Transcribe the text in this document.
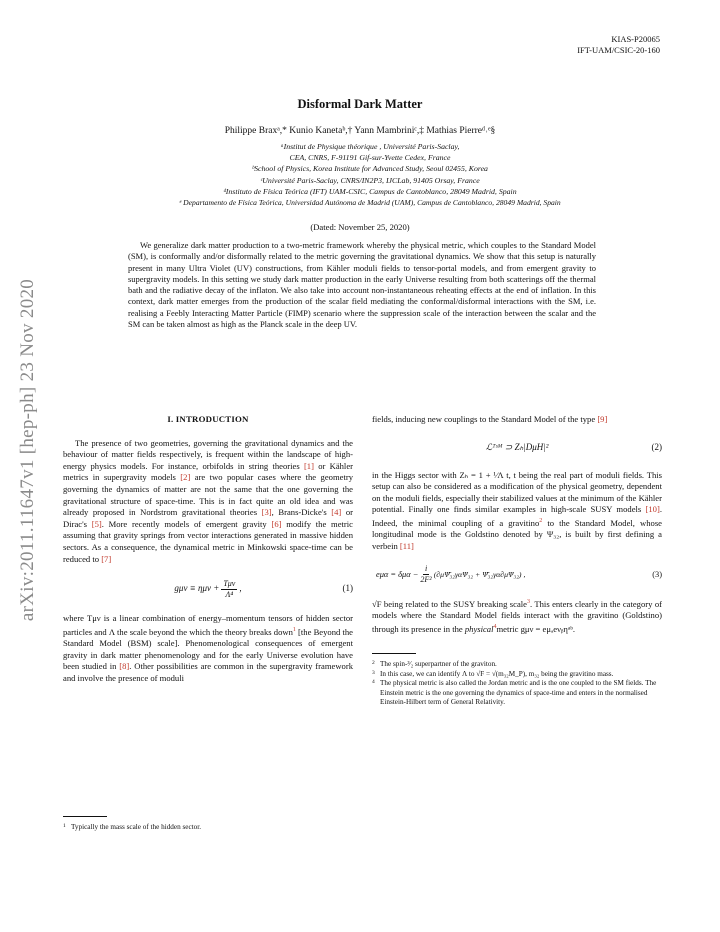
arXiv:2011.11647v1 [hep-ph] 23 Nov 2020
KIAS-P20065
IFT-UAM/CSIC-20-160
Disformal Dark Matter
Philippe Braxᵃ,* Kunio Kanetaᵇ,† Yann Mambriniᶜ,‡ Mathias Pierreᵈ˒ᵉ§
ᵃInstitut de Physique théorique , Université Paris-Saclay,
CEA, CNRS, F-91191 Gif-sur-Yvette Cedex, France
ᵇSchool of Physics, Korea Institute for Advanced Study, Seoul 02455, Korea
ᶜUniversité Paris-Saclay, CNRS/IN2P3, IJCLab, 91405 Orsay, France
ᵈInstituto de Física Teórica (IFT) UAM-CSIC, Campus de Cantoblanco, 28049 Madrid, Spain
ᵉ Departamento de Física Teórica, Universidad Autónoma de Madrid (UAM), Campus de Cantoblanco, 28049 Madrid, Spain
(Dated: November 25, 2020)
We generalize dark matter production to a two-metric framework whereby the physical metric, which couples to the Standard Model (SM), is conformally and/or disformally related to the metric governing the gravitational dynamics. We show that this setup is naturally present in many Ultra Violet (UV) constructions, from Kähler moduli fields to tensor-portal models, and from emergent gravity to supergravity models. In this setting we study dark matter production in the early Universe resulting from both scatterings off the thermal bath and the radiative decay of the inflaton. We also take into account non-instantaneous reheating effects at the end of inflation. In this context, dark matter emerges from the production of the scalar field mediating the conformal/disformal interactions with the SM, i.e. realising a Feebly Interacting Matter Particle (FIMP) scenario where the suppression scale of the interaction between the scalar and the SM can be taken almost as high as the Planck scale in the deep UV.
I. INTRODUCTION

The presence of two geometries, governing the gravitational dynamics and the behaviour of matter fields respectively, is frequent within the landscape of high-energy physics models. For instance, orbifolds in string theories [1] or Kähler metrics in supergravity models [2] are two popular cases where the geometry governing the dynamics of matter are not the same that the one governing the gravitational structure of space-time. This is in fact quite an old idea and was already proposed in Nordstrom gravitational theories [3], Brans-Dicke's [4] or Dirac's [5]. More recently models of emergent gravity [6] modify the metric assuming that gravity springs from vector interactions generated in massive hidden sectors. As a consequence, the dynamical metric in Minkowski space-time can be reduced to [7]

$g\mu\nu \equiv \eta\mu\nu + \frac{\text{Tμν}}{\text{Λ⁴}}$ ,	(1)

where Tμν is a linear combination of energy–momentum tensors of hidden sector particles and Λ the scale beyond the which the theory breaks down$^1$ [the Beyond the Standard Model (BSM) scale]. Phenomenological consequences of emergent gravity in dark matter phenomenology and for the early Universe evolution have been studied in [8]. Other possibilities are common in the supergravity framework and involve the presence of moduli

1 Typically the mass scale of the hidden sector.

fields, inducing new couplings to the Standard Model of the type [9]

ℒᵀˢᴹ ⊃ Zₕ|DμH|²	(2)

in the Higgs sector with Zₕ = 1 + ¹⁄Λ t, t being the real part of moduli fields. This setup can also be considered as a modification of the physical geometry, dependent on the moduli fields, especially their stabilized values at the minimum of the Kähler potential. Finally one finds similar examples in high-scale SUSY models [10]. Indeed, the minimal coupling of a gravitino$^2$ to the Standard Model, whose longitudinal mode is the Goldstino denoted by Ψ₃₂, is built by first defining a verbein [11]

$e\mu\alpha = \delta\mu\alpha - \frac{i}{\text{2F²}}$ (∂μΨ̄₃₂γαΨ₃₂ + Ψ̄₃₂γα∂μΨ₃₂) ,	(3)

√F being related to the SUSY breaking scale$^3$. This enters clearly in the category of models where the Standard Model fields interact with the gravitino (Goldstino) through its presence in the physical$^4$metric gμν = eμₐeνᵦηᵃᵇ.

2 The spin-³⁄₂ superpartner of the graviton.
3 In this case, we can identify Λ to √F = √(m₃₂M_P), m₃₂ being the gravitino mass.
4 The physical metric is also called the Jordan metric and is the one coupled to the SM fields. The Einstein metric is the one governing the dynamics of space-time and enters in the normalised Einstein-Hilbert term of General Relativity.
